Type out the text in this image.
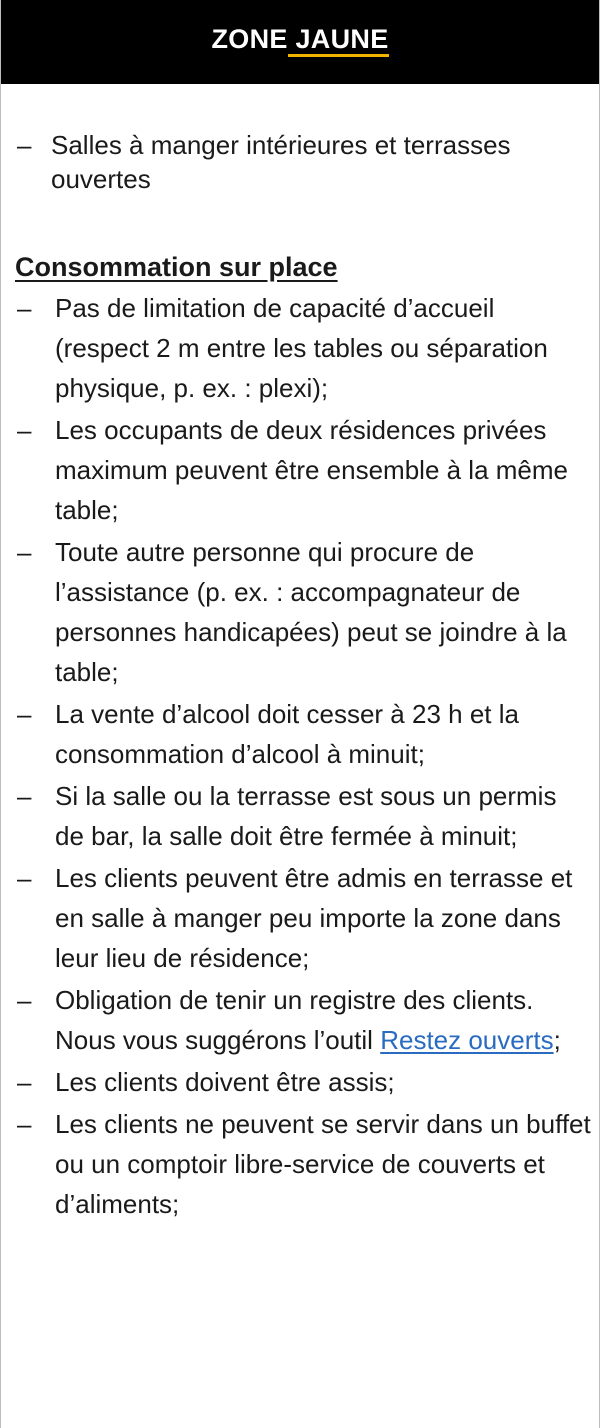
ZONE JAUNE
– Salles à manger intérieures et terrasses ouvertes
Consommation sur place
– Pas de limitation de capacité d’accueil (respect 2 m entre les tables ou séparation physique, p. ex. : plexi);
– Les occupants de deux résidences privées maximum peuvent être ensemble à la même table;
– Toute autre personne qui procure de l’assistance (p. ex. : accompagnateur de personnes handicapées) peut se joindre à la table;
– La vente d’alcool doit cesser à 23 h et la consommation d’alcool à minuit;
– Si la salle ou la terrasse est sous un permis de bar, la salle doit être fermée à minuit;
– Les clients peuvent être admis en terrasse et en salle à manger peu importe la zone dans leur lieu de résidence;
– Obligation de tenir un registre des clients. Nous vous suggérons l’outil Restez ouverts;
– Les clients doivent être assis;
– Les clients ne peuvent se servir dans un buffet ou un comptoir libre-service de couverts et d’aliments;
